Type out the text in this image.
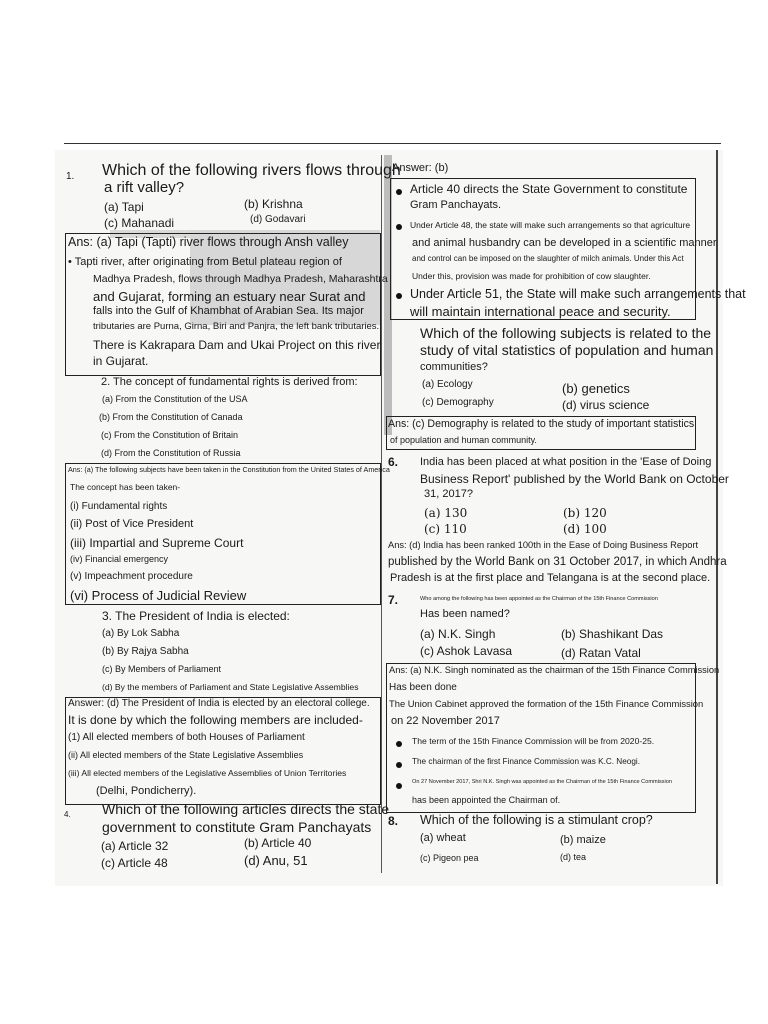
1. Which of the following rivers flows through
a rift valley?
(a) Tapi	(b) Krishna
(c) Mahanadi	(d) Godavari
Ans: (a) Tapi (Tapti) river flows through Ansh valley
• Tapti river, after originating from Betul plateau region of
Madhya Pradesh, flows through Madhya Pradesh, Maharashtra
and Gujarat, forming an estuary near Surat and
falls into the Gulf of Khambhat of Arabian Sea. Its major
tributaries are Purna, Girna, Biri and Panjra, the left bank tributaries.
There is Kakrapara Dam and Ukai Project on this river
in Gujarat.
2. The concept of fundamental rights is derived from:
(a) From the Constitution of the USA
(b) From the Constitution of Canada
(c) From the Constitution of Britain
(d) From the Constitution of Russia
Ans: (a) The following subjects have been taken in the Constitution from the United States of America
The concept has been taken-
(i) Fundamental rights
(ii) Post of Vice President
(iii) Impartial and Supreme Court
(iv) Financial emergency
(v) Impeachment procedure
(vi) Process of Judicial Review
3. The President of India is elected:
(a) By Lok Sabha
(b) By Rajya Sabha
(c) By Members of Parliament
(d) By the members of Parliament and State Legislative Assemblies
Answer: (d) The President of India is elected by an electoral college.
It is done by which the following members are included-
(1) All elected members of both Houses of Parliament
(ii) All elected members of the State Legislative Assemblies
(iii) All elected members of the Legislative Assemblies of Union Territories
(Delhi, Pondicherry).
4. Which of the following articles directs the state
government to constitute Gram Panchayats
(a) Article 32	(b) Article 40
(c) Article 48	(d) Anu, 51
Answer: (b)
Article 40 directs the State Government to constitute
Gram Panchayats.
Under Article 48, the state will make such arrangements so that agriculture
and animal husbandry can be developed in a scientific manner
and control can be imposed on the slaughter of milch animals. Under this Act
Under this, provision was made for prohibition of cow slaughter.
Under Article 51, the State will make such arrangements that
will maintain international peace and security.
Which of the following subjects is related to the
study of vital statistics of population and human
communities?
(a) Ecology	(b) genetics
(c) Demography	(d) virus science
Ans: (c) Demography is related to the study of important statistics
of population and human community.
6. India has been placed at what position in the 'Ease of Doing
Business Report' published by the World Bank on October
31, 2017?
(a) 130	(b) 120
(c) 110	(d) 100
Ans: (d) India has been ranked 100th in the Ease of Doing Business Report
published by the World Bank on 31 October 2017, in which Andhra
Pradesh is at the first place and Telangana is at the second place.
7.	Who among the following has been appointed as the Chairman of the 15th Finance Commission
Has been named?
(a) N.K. Singh	(b) Shashikant Das
(c) Ashok Lavasa	(d) Ratan Vatal
Ans: (a) N.K. Singh nominated as the chairman of the 15th Finance Commission
Has been done
The Union Cabinet approved the formation of the 15th Finance Commission
on 22 November 2017
The term of the 15th Finance Commission will be from 2020-25.
The chairman of the first Finance Commission was K.C. Neogi.
On 27 November 2017, Shri N.K. Singh was appointed as the Chairman of the 15th Finance Commission
has been appointed the Chairman of.
8. Which of the following is a stimulant crop?
(a) wheat	(b) maize
(c) Pigeon pea	(d) tea
